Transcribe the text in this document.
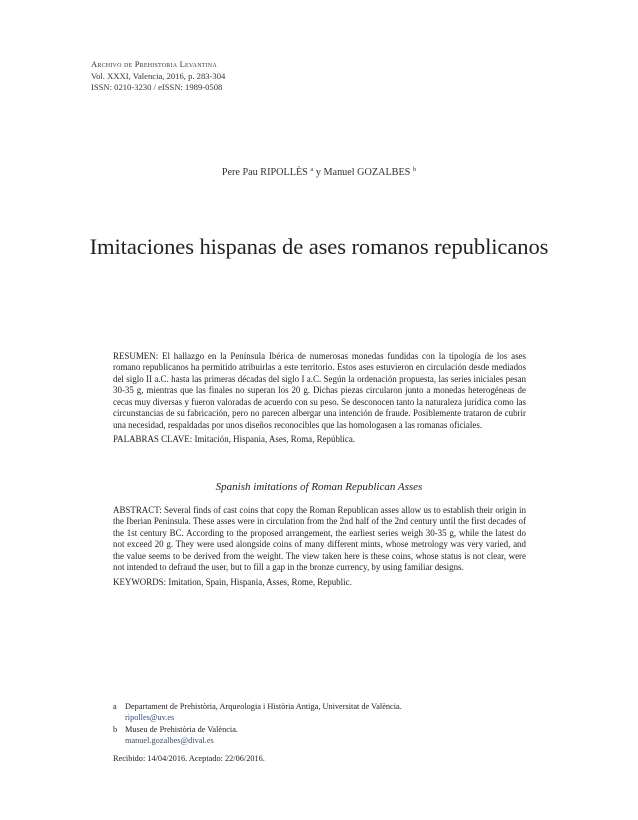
Archivo de Prehistoria Levantina
Vol. XXXI, Valencia, 2016, p. 283-304
ISSN: 0210-3230 / eISSN: 1989-0508
Pere Pau RIPOLLÈS $^a$ y Manuel GOZALBES $^b$
Imitaciones hispanas de ases romanos republicanos

RESUMEN: El hallazgo en la Península Ibérica de numerosas monedas fundidas con la tipología de los ases romano republicanos ha permitido atribuirlas a este territorio. Estos ases estuvieron en circulación desde mediados del siglo II a.C. hasta las primeras décadas del siglo I a.C. Según la ordenación propuesta, las series iniciales pesan 30-35 g, mientras que las finales no superan los 20 g. Dichas piezas circularon junto a monedas heterogéneas de cecas muy diversas y fueron valoradas de acuerdo con su peso. Se desconocen tanto la naturaleza jurídica como las circunstancias de su fabricación, pero no parecen albergar una intención de fraude. Posiblemente trataron de cubrir una necesidad, respaldadas por unos diseños reconocibles que las homologasen a las romanas oficiales.

PALABRAS CLAVE: Imitación, Hispania, Ases, Roma, República.

Spanish imitations of Roman Republican Asses

ABSTRACT: Several finds of cast coins that copy the Roman Republican asses allow us to establish their origin in the Iberian Peninsula. These asses were in circulation from the 2nd half of the 2nd century until the first decades of the 1st century BC. According to the proposed arrangement, the earliest series weigh 30-35 g, while the latest do not exceed 20 g. They were used alongside coins of many different mints, whose metrology was very varied, and the value seems to be derived from the weight. The view taken here is these coins, whose status is not clear, were not intended to defraud the user, but to fill a gap in the bronze currency, by using familiar designs.

KEYWORDS: Imitation, Spain, Hispania, Asses, Rome, Republic.

a	Departament de Prehistòria, Arqueologia i Història Antiga, Universitat de València.
ripolles@uv.es
b Museu de Prehistòria de València.
manuel.gozalbes@dival.es
Recibido: 14/04/2016. Aceptado: 22/06/2016.
